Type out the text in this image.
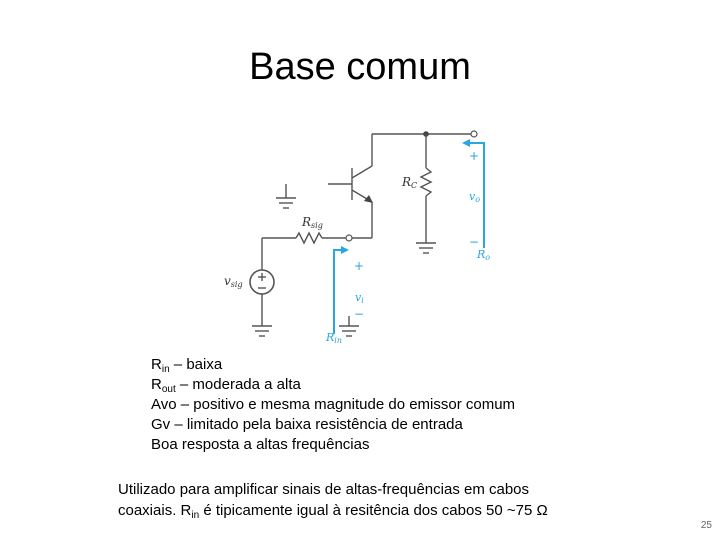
Base comum
RC
Rsig
vsig
+
vi
−
Rin
+
vo
−
Ro
$R_{in}$ – baixa
$R_{out}$ – moderada a alta
Avo – positivo e mesma magnitude do emissor comum
Gv – limitado pela baixa resistência de entrada
Boa resposta a altas frequências
Utilizado para amplificar sinais de altas-frequências em cabos
coaxiais. $R_{in}$ é tipicamente igual à resitência dos cabos 50 ~75 Ω
25
